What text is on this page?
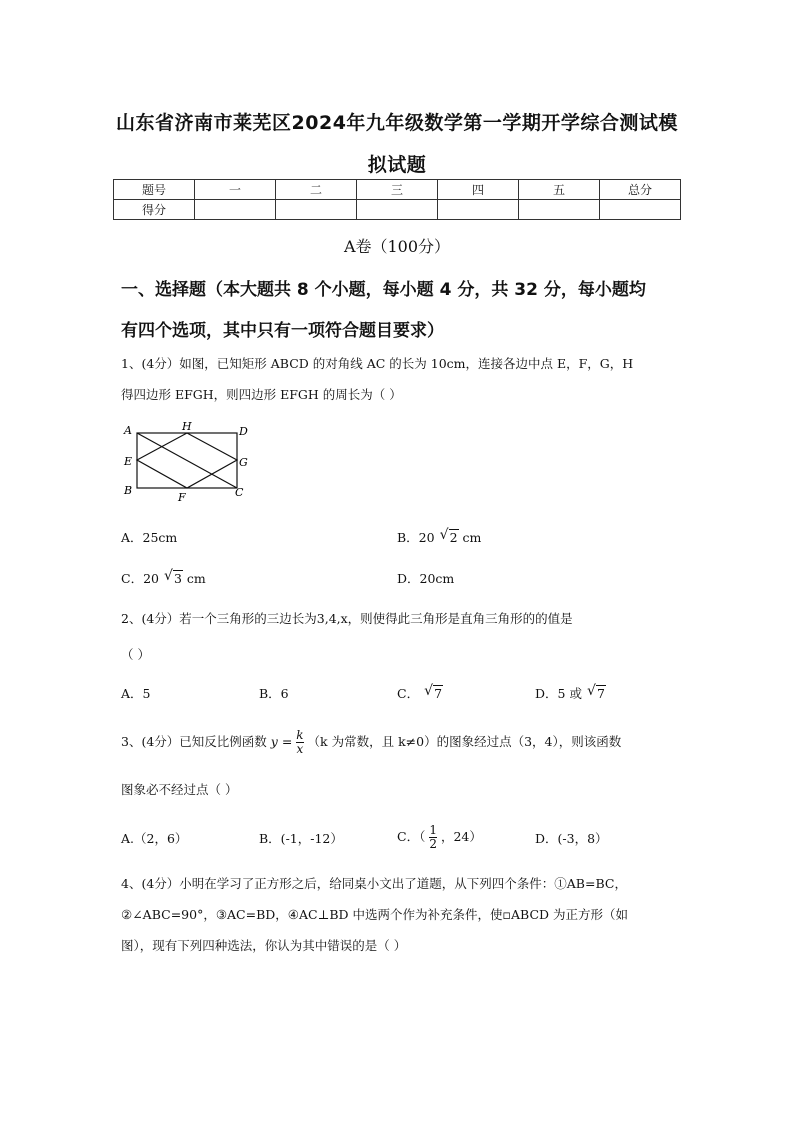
山东省济南市莱芜区2024年九年级数学第一学期开学综合测试模
拟试题
题号	一	二	三	四	五	总分
得分						
A卷（100分）
一、选择题（本大题共 8 个小题，每小题 4 分，共 32 分，每小题均
有四个选项，其中只有一项符合题目要求）
1、(4分）如图，已知矩形 ABCD 的对角线 AC 的长为 10cm，连接各边中点 E，F，G，H
得四边形 EFGH，则四边形 EFGH 的周长为（ ）
A	H	D
E	G
B
F	C
A．25cm	B．20 √ 2 cm
C．20 √ 3 cm	D．20cm
2、(4分）若一个三角形的三边长为3,4,x，则使得此三角形是直角三角形的的值是
（ ）
A．5	B．6	C． √ 7	D．5 或 √ 7
3、(4分）已知反比例函数 $y = \frac{k}{x} (k$ 为常数，且 k≠0）的图象经过点（3，4），则该函数
图象必不经过点（ ）
A.（2，6）	B．(-1，-12）	C．（ $\frac{1}{2}$ ，24）	D．(-3，8）
4、(4分）小明在学习了正方形之后，给同桌小文出了道题，从下列四个条件：①AB=BC，
②∠ABC=90°，③AC=BD，④AC⊥BD 中选两个作为补充条件，使▫ABCD 为正方形（如
图），现有下列四种选法，你认为其中错误的是（ ）
